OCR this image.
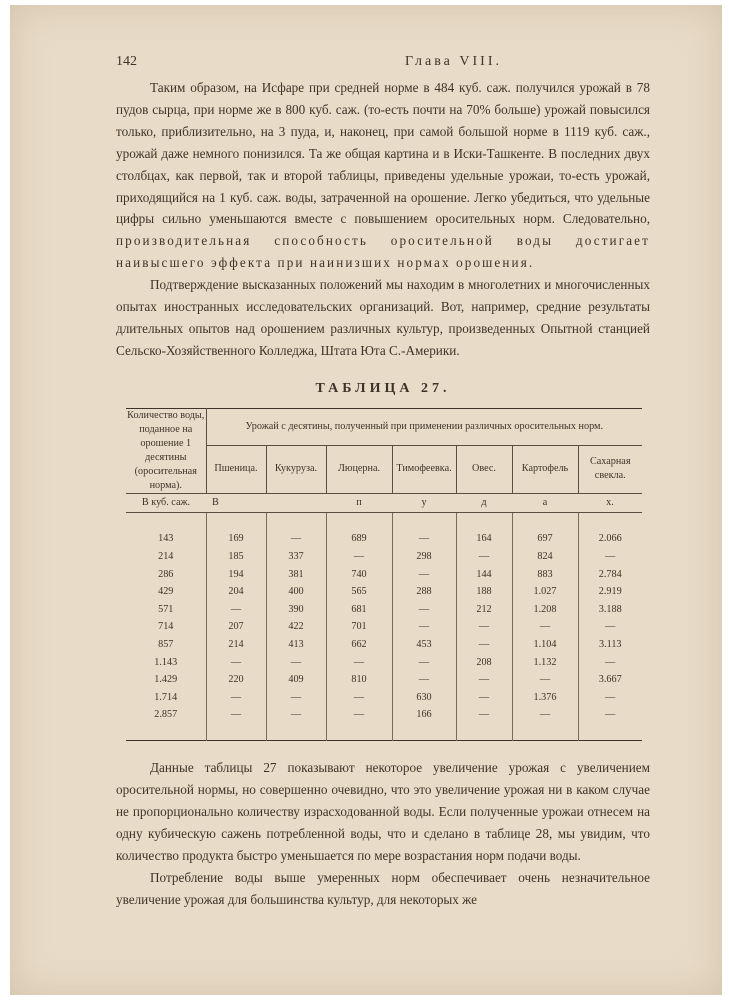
142	Глава VIII.

Таким образом, на Исфаре при средней норме в 484 куб. саж. получился урожай в 78 пудов сырца, при норме же в 800 куб. саж. (то-есть почти на 70% больше) урожай повысился только, приблизительно, на 3 пуда, и, наконец, при самой большой норме в 1119 куб. саж., урожай даже немного понизился. Та же общая картина и в Иски-Ташкенте. В последних двух столбцах, как первой, так и второй таблицы, приведены удельные урожаи, то-есть урожай, приходящийся на 1 куб. саж. воды, затраченной на орошение. Легко убедиться, что удельные цифры сильно уменьшаются вместе с повышением оросительных норм. Следовательно, производительная способность оросительной воды достигает наивысшего эффекта при наинизших нормах орошения.

Подтверждение высказанных положений мы находим в многолетних и многочисленных опытах иностранных исследовательских организаций. Вот, например, средние результаты длительных опытов над орошением различных культур, произведенных Опытной станцией Сельско-Хозяйственного Колледжа, Штата Юта С.-Америки.

ТАБЛИЦА 27.
Количество воды, поданное на орошение 1 десятины (оросительная норма).	Урожай с десятины, полученный при применении различных оросительных норм.						
	Пшеница.	Кукуруза.	Люцерна.	Тимофеевка.	Овес.	Картофель	Сахарная свекла.
В куб. саж.	В		п	у	д	а	х.

143	169	—	689	—	164	697	2.066
214	185	337	—	298	—	824	—
286	194	381	740	—	144	883	2.784
429	204	400	565	288	188	1.027	2.919
571	—	390	681	—	212	1.208	3.188
714	207	422	701	—	—	—	—
857	214	413	662	453	—	1.104	3.113
1.143	—	—	—	—	208	1.132	—
1.429	220	409	810	—	—	—	3.667
1.714	—	—	—	630	—	1.376	—
2.857	—	—	—	166	—	—	—

Данные таблицы 27 показывают некоторое увеличение урожая с увеличением оросительной нормы, но совершенно очевидно, что это увеличение урожая ни в каком случае не пропорционально количеству израсходованной воды. Если полученные урожаи отнесем на одну кубическую сажень потребленной воды, что и сделано в таблице 28, мы увидим, что количество продукта быстро уменьшается по мере возрастания норм подачи воды.

Потребление воды выше умеренных норм обеспечивает очень незначительное увеличение урожая для большинства культур, для некоторых же
